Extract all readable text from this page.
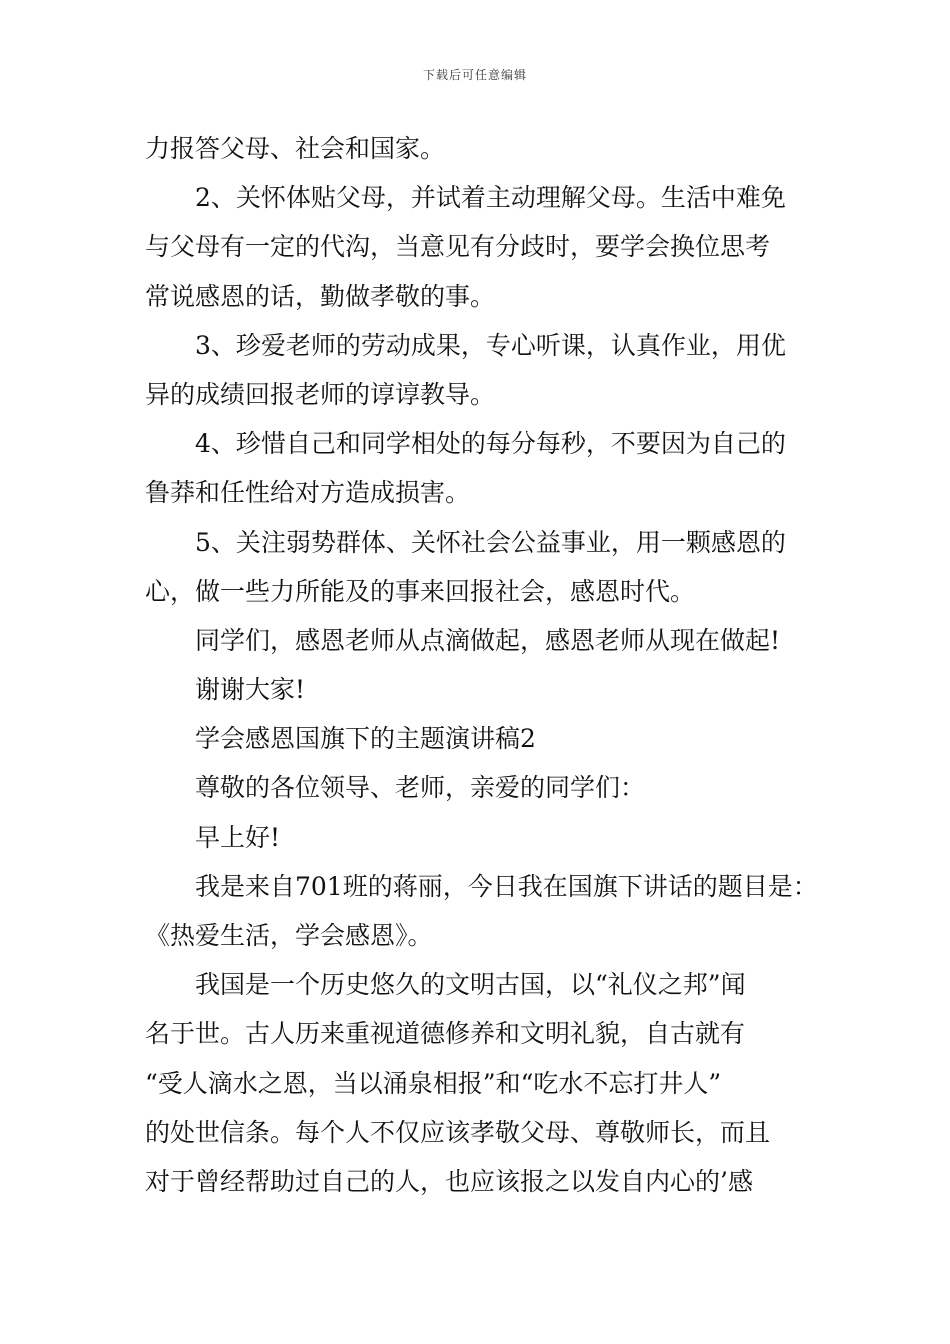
下载后可任意编辑
力报答父母、社会和国家。
2、关怀体贴父母，并试着主动理解父母。生活中难免
与父母有一定的代沟，当意见有分歧时，要学会换位思考
常说感恩的话，勤做孝敬的事。
3、珍爱老师的劳动成果，专心听课，认真作业，用优
异的成绩回报老师的谆谆教导。
4、珍惜自己和同学相处的每分每秒，不要因为自己的
鲁莽和任性给对方造成损害。
5、关注弱势群体、关怀社会公益事业，用一颗感恩的
心，做一些力所能及的事来回报社会，感恩时代。
同学们，感恩老师从点滴做起，感恩老师从现在做起!
谢谢大家!
学会感恩国旗下的主题演讲稿2
尊敬的各位领导、老师，亲爱的同学们：
早上好!
我是来自701班的蒋丽，今日我在国旗下讲话的题目是：
《热爱生活，学会感恩》。
我国是一个历史悠久的文明古国，以“礼仪之邦”闻
名于世。古人历来重视道德修养和文明礼貌，自古就有
“受人滴水之恩，当以涌泉相报”和“吃水不忘打井人”
的处世信条。每个人不仅应该孝敬父母、尊敬师长，而且
对于曾经帮助过自己的人，也应该报之以发自内心的’感
